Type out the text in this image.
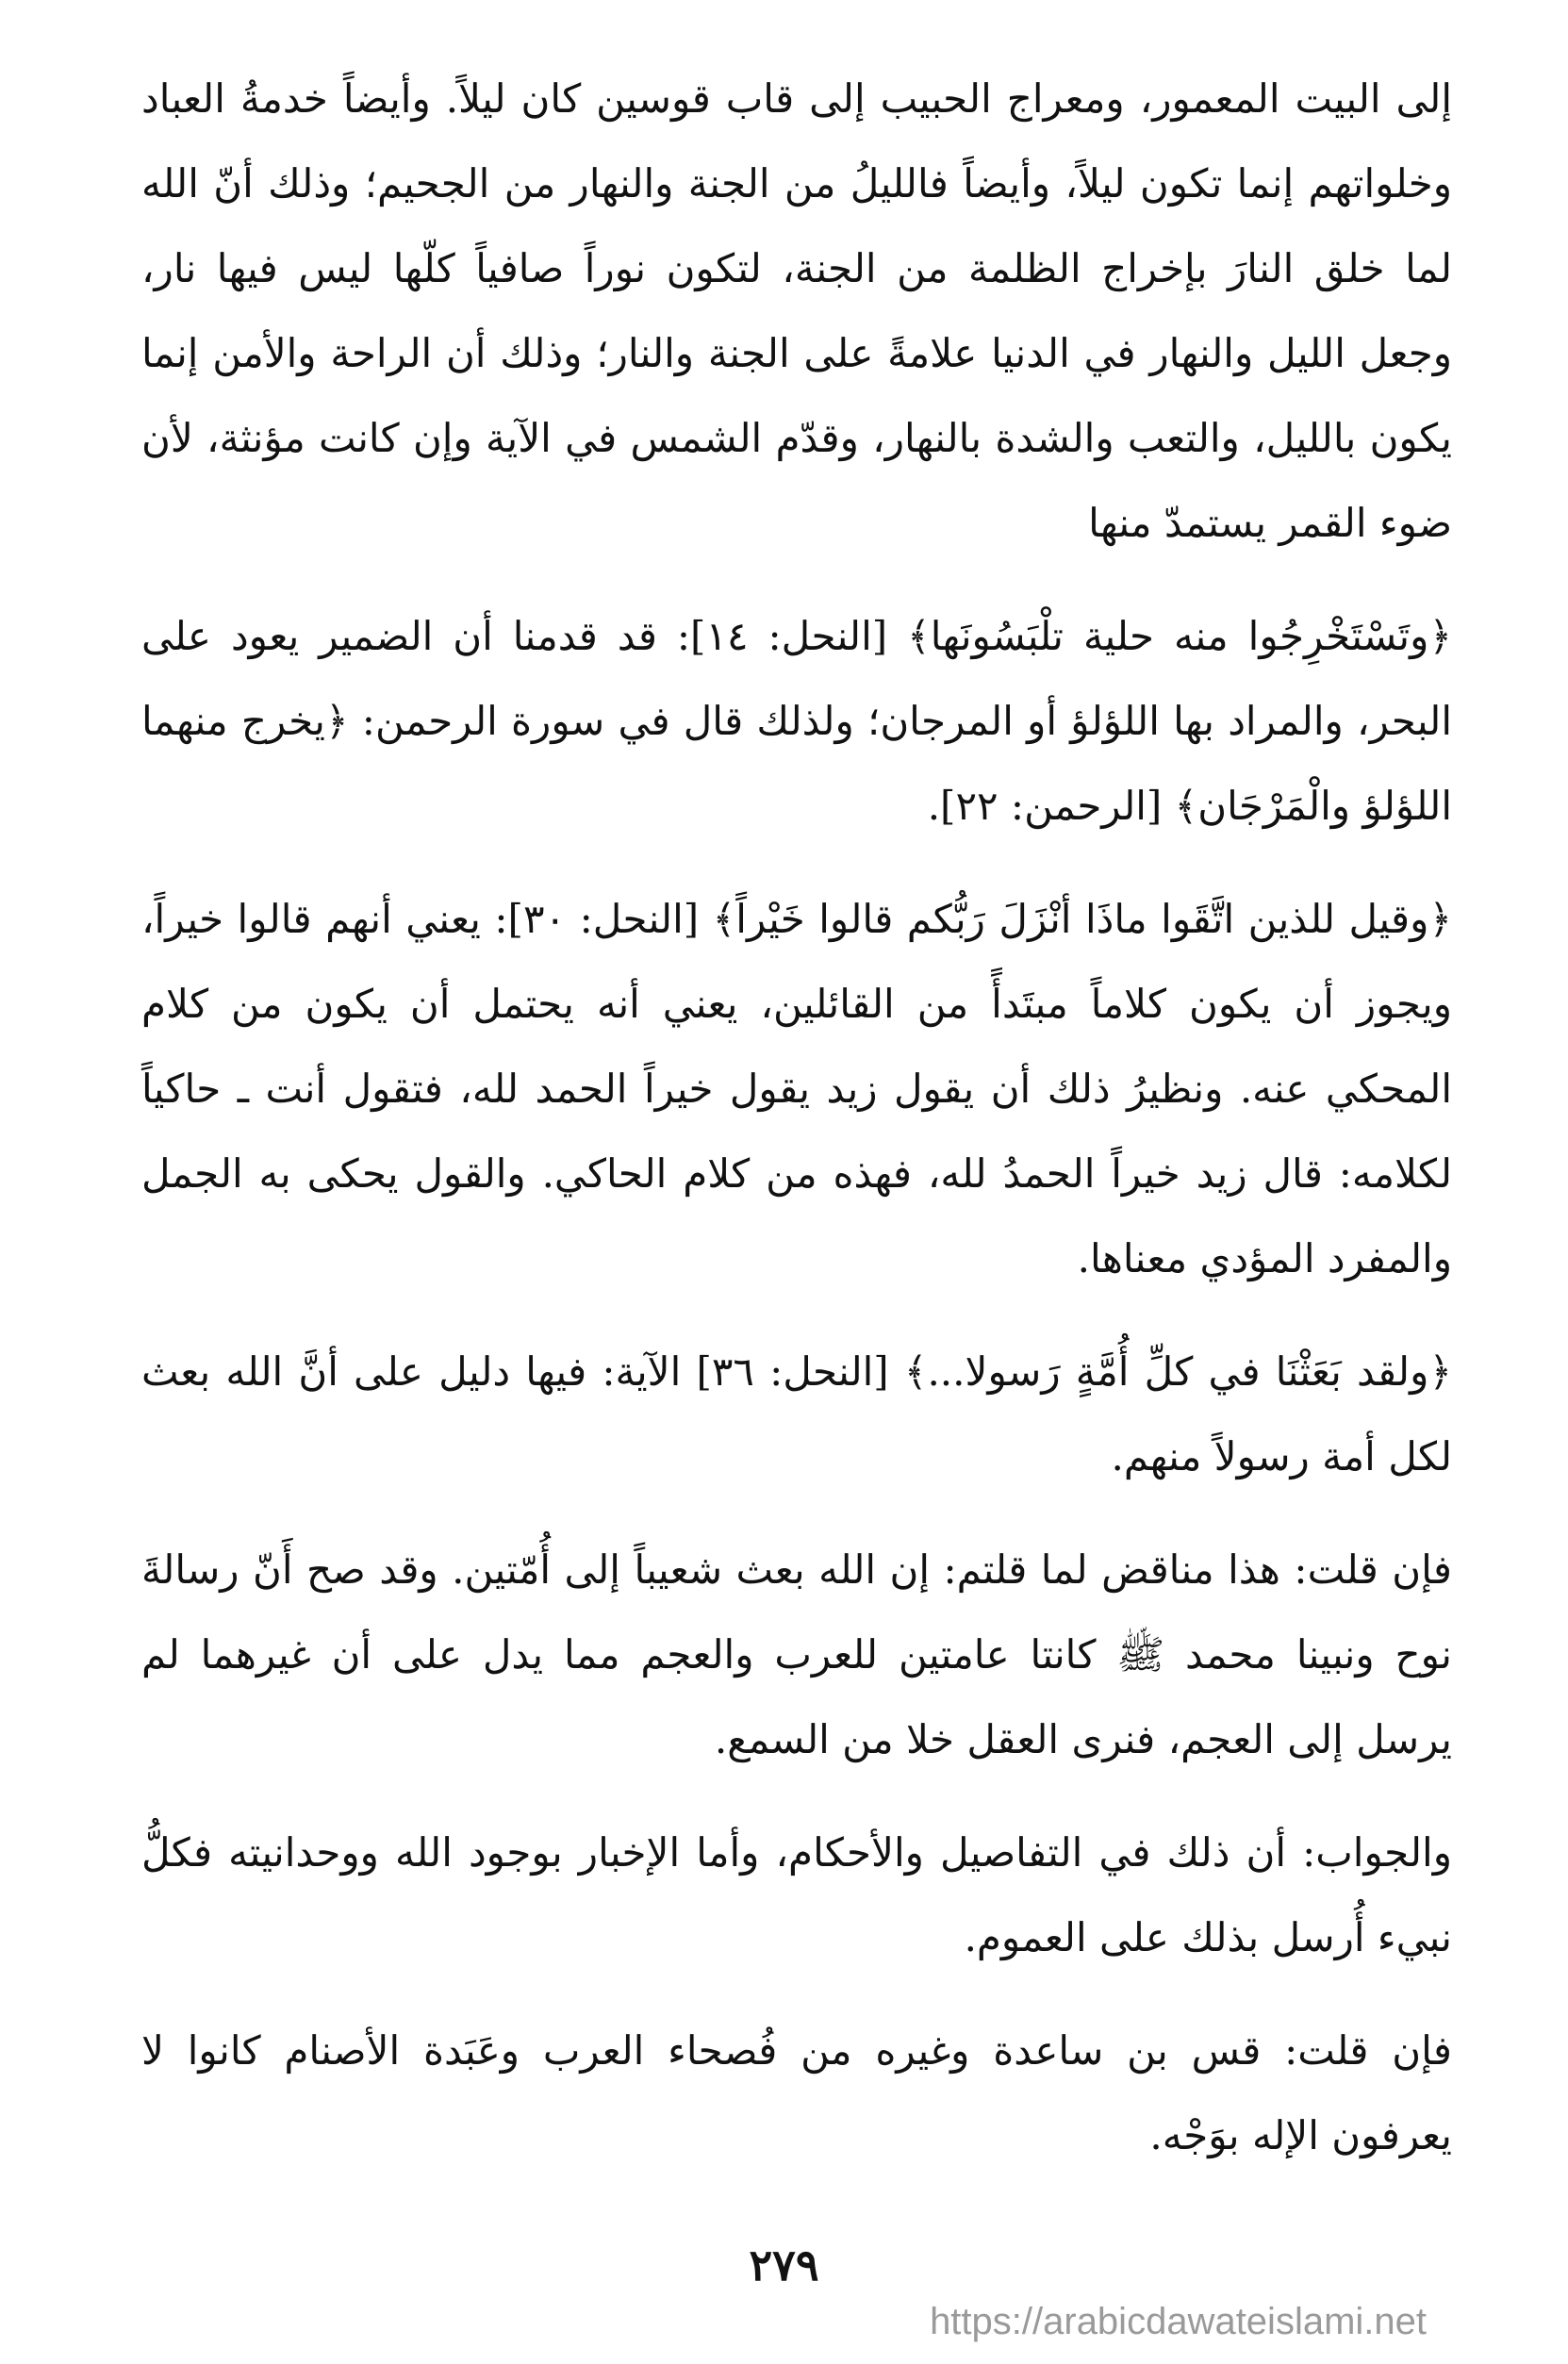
إلى البيت المعمور، ومعراج الحبيب إلى قاب قوسين كان ليلاً. وأيضاً خدمةُ العباد وخلواتهم إنما تكون ليلاً، وأيضاً فالليلُ من الجنة والنهار من الجحيم؛ وذلك أنّ الله لما خلق النارَ بإخراج الظلمة من الجنة، لتكون نوراً صافياً كلّها ليس فيها نار، وجعل الليل والنهار في الدنيا علامةً على الجنة والنار؛ وذلك أن الراحة والأمن إنما يكون بالليل، والتعب والشدة بالنهار، وقدّم الشمس في الآية وإن كانت مؤنثة، لأن ضوء القمر يستمدّ منها

﴿وتَسْتَخْرِجُوا منه حلية تلْبَسُونَها﴾ [النحل: ١٤]: قد قدمنا أن الضمير يعود على البحر، والمراد بها اللؤلؤ أو المرجان؛ ولذلك قال في سورة الرحمن: ﴿يخرج منهما اللؤلؤ والْمَرْجَان﴾ [الرحمن: ٢٢].

﴿وقيل للذين اتَّقَوا ماذَا أنْزَلَ رَبُّكم قالوا خَيْراً﴾ [النحل: ٣٠]: يعني أنهم قالوا خيراً، ويجوز أن يكون كلاماً مبتَدأً من القائلين، يعني أنه يحتمل أن يكون من كلام المحكي عنه. ونظيرُ ذلك أن يقول زيد يقول خيراً الحمد لله، فتقول أنت ـ حاكياً لكلامه: قال زيد خيراً الحمدُ لله، فهذه من كلام الحاكي. والقول يحكى به الجمل والمفرد المؤدي معناها.

﴿ولقد بَعَثْنَا في كلِّ أُمَّةٍ رَسولا...﴾ [النحل: ٣٦] الآية: فيها دليل على أنَّ الله بعث لكل أمة رسولاً منهم.

فإن قلت: هذا مناقض لما قلتم: إن الله بعث شعيباً إلى أُمّتين. وقد صح أَنّ رسالةَ نوح ونبينا محمد ﷺ كانتا عامتين للعرب والعجم مما يدل على أن غيرهما لم يرسل إلى العجم، فنرى العقل خلا من السمع.

والجواب: أن ذلك في التفاصيل والأحكام، وأما الإخبار بوجود الله ووحدانيته فكلُّ نبيء أُرسل بذلك على العموم.

فإن قلت: قس بن ساعدة وغيره من فُصحاء العرب وعَبَدة الأصنام كانوا لا يعرفون الإله بوَجْه.

٢٧٩
https://arabicdawateislami.net
